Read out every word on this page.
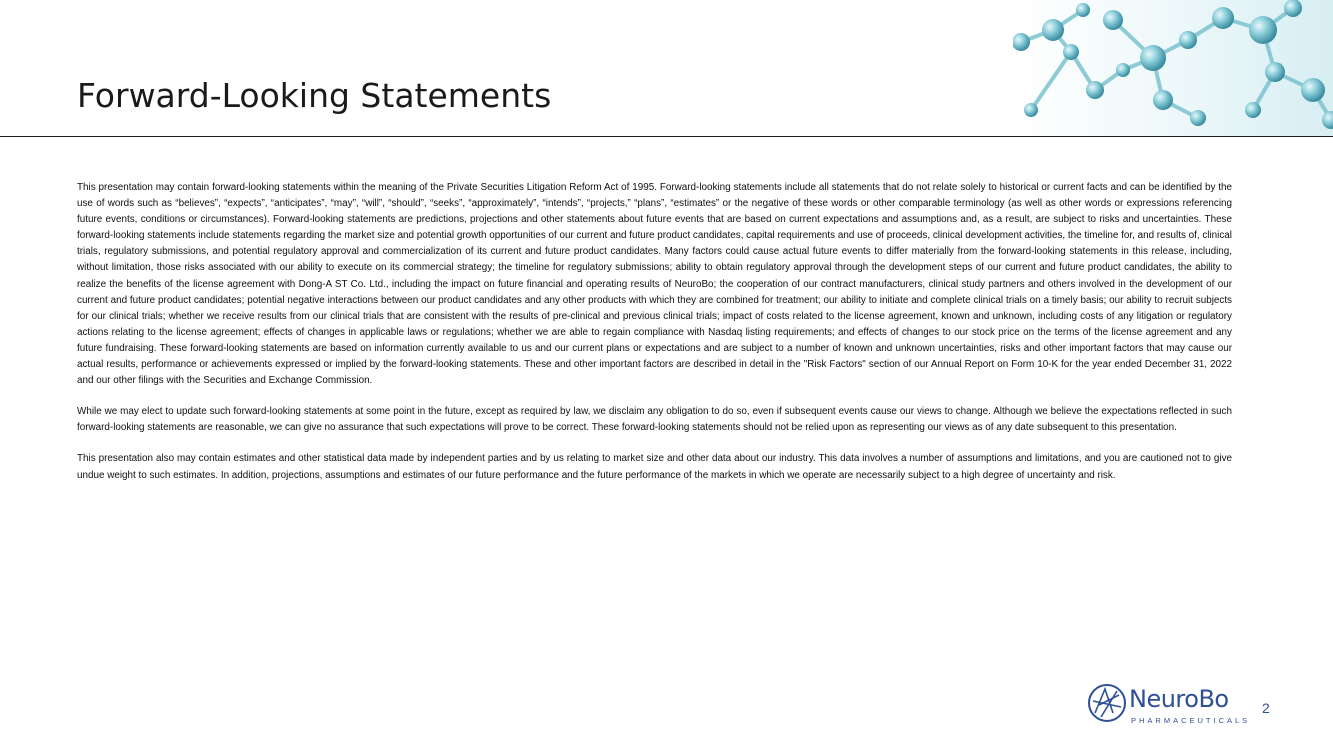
Forward-Looking Statements

This presentation may contain forward-looking statements within the meaning of the Private Securities Litigation Reform Act of 1995. Forward-looking statements include all statements that do not relate solely to historical or current facts and can be identified by the use of words such as “believes”, “expects”, “anticipates”, “may”, “will”, “should”, “seeks”, “approximately”, “intends”, “projects,” “plans”, “estimates” or the negative of these words or other comparable terminology (as well as other words or expressions referencing future events, conditions or circumstances). Forward-looking statements are predictions, projections and other statements about future events that are based on current expectations and assumptions and, as a result, are subject to risks and uncertainties. These forward-looking statements include statements regarding the market size and potential growth opportunities of our current and future product candidates, capital requirements and use of proceeds, clinical development activities, the timeline for, and results of, clinical trials, regulatory submissions, and potential regulatory approval and commercialization of its current and future product candidates. Many factors could cause actual future events to differ materially from the forward-looking statements in this release, including, without limitation, those risks associated with our ability to execute on its commercial strategy; the timeline for regulatory submissions; ability to obtain regulatory approval through the development steps of our current and future product candidates, the ability to realize the benefits of the license agreement with Dong-A ST Co. Ltd., including the impact on future financial and operating results of NeuroBo; the cooperation of our contract manufacturers, clinical study partners and others involved in the development of our current and future product candidates; potential negative interactions between our product candidates and any other products with which they are combined for treatment; our ability to initiate and complete clinical trials on a timely basis; our ability to recruit subjects for our clinical trials; whether we receive results from our clinical trials that are consistent with the results of pre-clinical and previous clinical trials; impact of costs related to the license agreement, known and unknown, including costs of any litigation or regulatory actions relating to the license agreement; effects of changes in applicable laws or regulations; whether we are able to regain compliance with Nasdaq listing requirements; and effects of changes to our stock price on the terms of the license agreement and any future fundraising. These forward-looking statements are based on information currently available to us and our current plans or expectations and are subject to a number of known and unknown uncertainties, risks and other important factors that may cause our actual results, performance or achievements expressed or implied by the forward-looking statements. These and other important factors are described in detail in the "Risk Factors" section of our Annual Report on Form 10-K for the year ended December 31, 2022 and our other filings with the Securities and Exchange Commission.

While we may elect to update such forward-looking statements at some point in the future, except as required by law, we disclaim any obligation to do so, even if subsequent events cause our views to change. Although we believe the expectations reflected in such forward-looking statements are reasonable, we can give no assurance that such expectations will prove to be correct. These forward-looking statements should not be relied upon as representing our views as of any date subsequent to this presentation.

This presentation also may contain estimates and other statistical data made by independent parties and by us relating to market size and other data about our industry. This data involves a number of assumptions and limitations, and you are cautioned not to give undue weight to such estimates. In addition, projections, assumptions and estimates of our future performance and the future performance of the markets in which we operate are necessarily subject to a high degree of uncertainty and risk.

NeuroBo
PHARMACEUTICALS
2
